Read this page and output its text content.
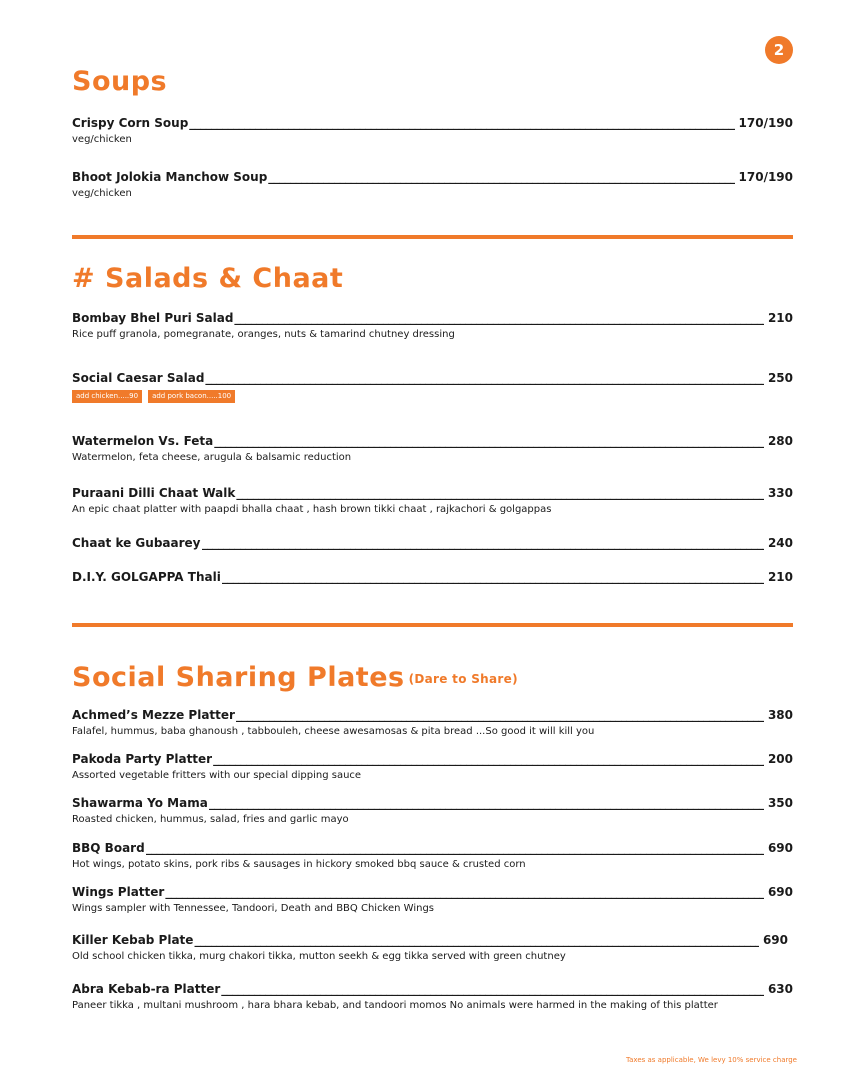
2
Soups
Crispy Corn Soup _____	170/190
veg/chicken
Bhoot Jolokia Manchow Soup _____	170/190
veg/chicken
# Salads & Chaat
Bombay Bhel Puri Salad _____	210
Rice puff granola, pomegranate, oranges, nuts & tamarind chutney dressing
Social Caesar Salad _____	250
add chicken.....90	add pork bacon.....100
Watermelon Vs. Feta _____	280
Watermelon, feta cheese, arugula & balsamic reduction
Puraani Dilli Chaat Walk _____	330
An epic chaat platter with paapdi bhalla chaat , hash brown tikki chaat , rajkachori & golgappas
Chaat ke Gubaarey _____	240
D.I.Y. GOLGAPPA Thali _____	210
Social Sharing Plates (Dare to Share)
Achmed’s Mezze Platter _____	380
Falafel, hummus, baba ghanoush , tabbouleh, cheese awesamosas & pita bread ...So good it will kill you
Pakoda Party Platter _____	200
Assorted vegetable fritters with our special dipping sauce
Shawarma Yo Mama _____	350
Roasted chicken, hummus, salad, fries and garlic mayo
BBQ Board _____	690
Hot wings, potato skins, pork ribs & sausages in hickory smoked bbq sauce & crusted corn
Wings Platter _____	690
Wings sampler with Tennessee, Tandoori, Death and BBQ Chicken Wings
Killer Kebab Plate _____	690
Old school chicken tikka, murg chakori tikka, mutton seekh & egg tikka served with green chutney
Abra Kebab-ra Platter _____	630
Paneer tikka , multani mushroom , hara bhara kebab, and tandoori momos No animals were harmed in the making of this platter
Taxes as applicable, We levy 10% service charge
